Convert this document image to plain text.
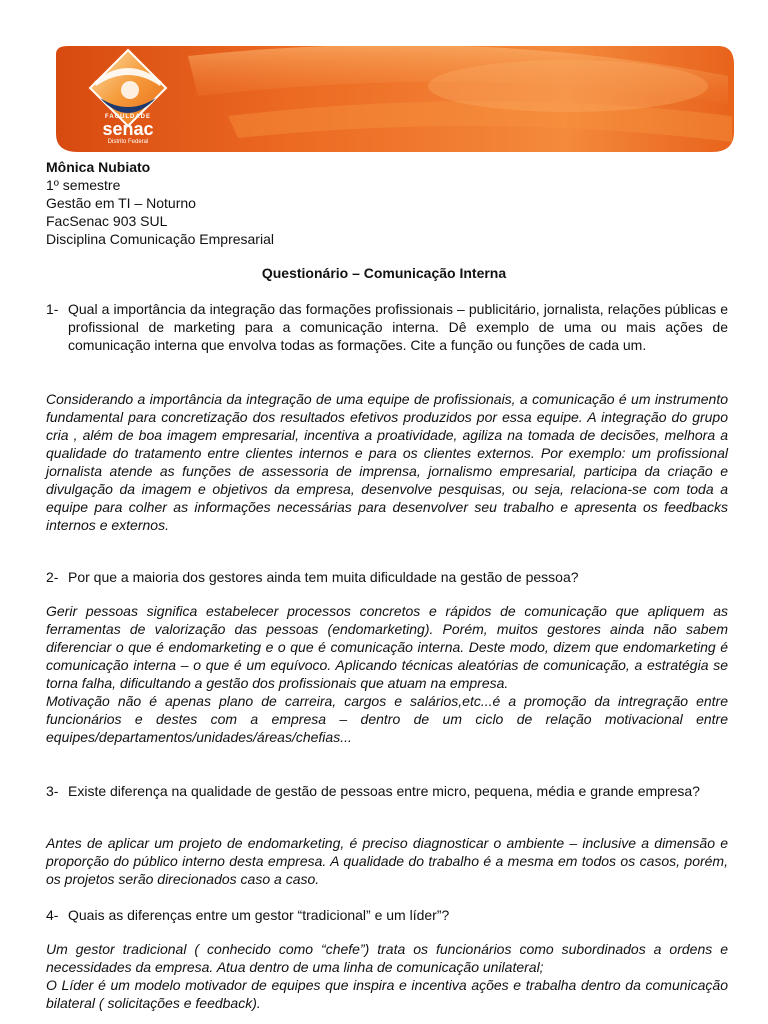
FACULDADE
senac
Distrito Federal
Mônica Nubiato
1º semestre
Gestão em TI – Noturno
FacSenac 903 SUL
Disciplina Comunicação Empresarial
Questionário – Comunicação Interna
1- Qual a importância da integração das formações profissionais – publicitário, jornalista, relações públicas e profissional de marketing para a comunicação interna. Dê exemplo de uma ou mais ações de comunicação interna que envolva todas as formações. Cite a função ou funções de cada um.

Considerando a importância da integração de uma equipe de profissionais, a comunicação é um instrumento fundamental para concretização dos resultados efetivos produzidos por essa equipe. A integração do grupo cria , além de boa imagem empresarial, incentiva a proatividade, agiliza na tomada de decisões, melhora a qualidade do tratamento entre clientes internos e para os clientes externos. Por exemplo: um profissional jornalista atende as funções de assessoria de imprensa, jornalismo empresarial, participa da criação e divulgação da imagem e objetivos da empresa, desenvolve pesquisas, ou seja, relaciona-se com toda a equipe para colher as informações necessárias para desenvolver seu trabalho e apresenta os feedbacks internos e externos.

2- Por que a maioria dos gestores ainda tem muita dificuldade na gestão de pessoa?

Gerir pessoas significa estabelecer processos concretos e rápidos de comunicação que apliquem as ferramentas de valorização das pessoas (endomarketing). Porém, muitos gestores ainda não sabem diferenciar o que é endomarketing e o que é comunicação interna. Deste modo, dizem que endomarketing é comunicação interna – o que é um equívoco. Aplicando técnicas aleatórias de comunicação, a estratégia se torna falha, dificultando a gestão dos profissionais que atuam na empresa.

Motivação não é apenas plano de carreira, cargos e salários,etc...é a promoção da intregração entre funcionários e destes com a empresa – dentro de um ciclo de relação motivacional entre equipes/departamentos/unidades/áreas/chefias...

3- Existe diferença na qualidade de gestão de pessoas entre micro, pequena, média e grande empresa?

Antes de aplicar um projeto de endomarketing, é preciso diagnosticar o ambiente – inclusive a dimensão e proporção do público interno desta empresa. A qualidade do trabalho é a mesma em todos os casos, porém, os projetos serão direcionados caso a caso.

4- Quais as diferenças entre um gestor “tradicional” e um líder”?

Um gestor tradicional ( conhecido como “chefe”) trata os funcionários como subordinados a ordens e necessidades da empresa. Atua dentro de uma linha de comunicação unilateral;

O Líder é um modelo motivador de equipes que inspira e incentiva ações e trabalha dentro da comunicação bilateral ( solicitações e feedback).
